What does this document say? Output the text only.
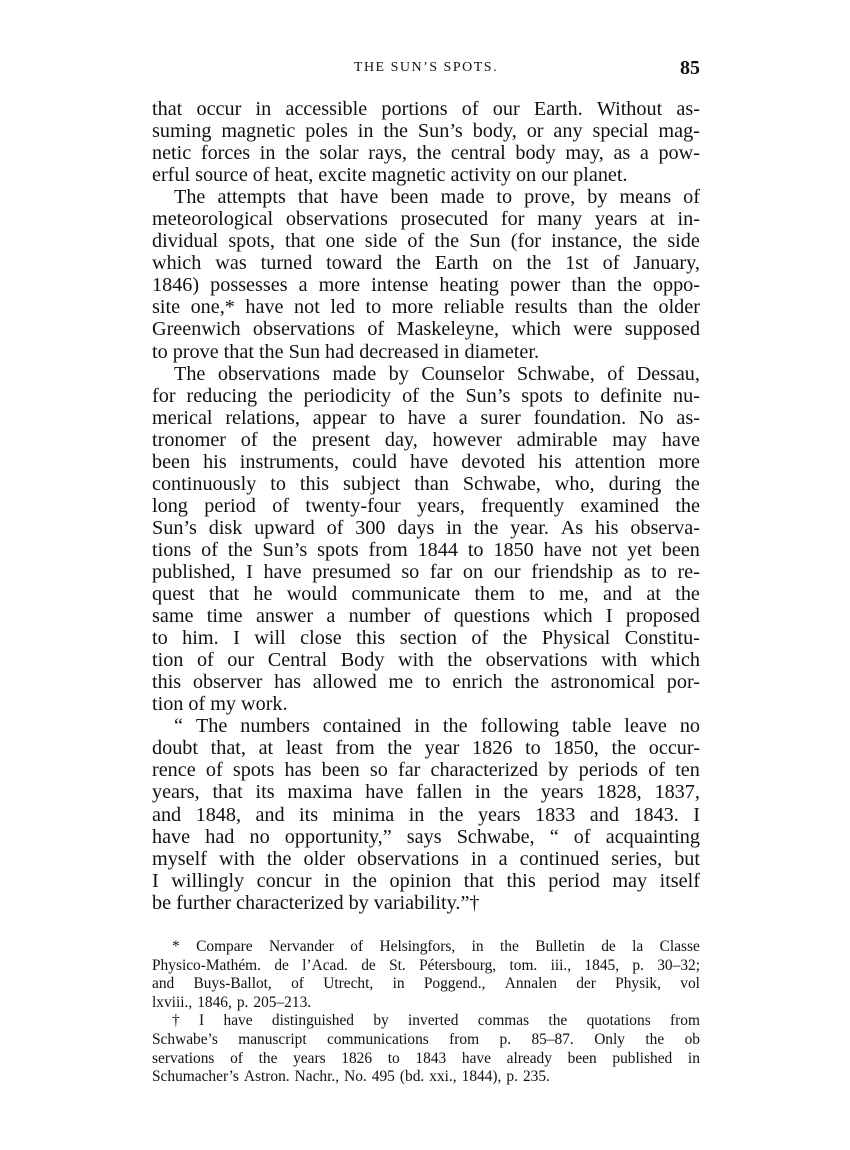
THE SUN’S SPOTS.	85
that occur in accessible portions of our Earth. Without as-
suming magnetic poles in the Sun’s body, or any special mag-
netic forces in the solar rays, the central body may, as a pow-
erful source of heat, excite magnetic activity on our planet.
The attempts that have been made to prove, by means of
meteorological observations prosecuted for many years at in-
dividual spots, that one side of the Sun (for instance, the side
which was turned toward the Earth on the 1st of January,
1846) possesses a more intense heating power than the oppo-
site one,* have not led to more reliable results than the older
Greenwich observations of Maskeleyne, which were supposed
to prove that the Sun had decreased in diameter.
The observations made by Counselor Schwabe, of Dessau,
for reducing the periodicity of the Sun’s spots to definite nu-
merical relations, appear to have a surer foundation. No as-
tronomer of the present day, however admirable may have
been his instruments, could have devoted his attention more
continuously to this subject than Schwabe, who, during the
long period of twenty-four years, frequently examined the
Sun’s disk upward of 300 days in the year. As his observa-
tions of the Sun’s spots from 1844 to 1850 have not yet been
published, I have presumed so far on our friendship as to re-
quest that he would communicate them to me, and at the
same time answer a number of questions which I proposed
to him. I will close this section of the Physical Constitu-
tion of our Central Body with the observations with which
this observer has allowed me to enrich the astronomical por-
tion of my work.
“ The numbers contained in the following table leave no
doubt that, at least from the year 1826 to 1850, the occur-
rence of spots has been so far characterized by periods of ten
years, that its maxima have fallen in the years 1828, 1837,
and 1848, and its minima in the years 1833 and 1843. I
have had no opportunity,” says Schwabe, “ of acquainting
myself with the older observations in a continued series, but
I willingly concur in the opinion that this period may itself
be further characterized by variability.”†
* Compare Nervander of Helsingfors, in the Bulletin de la Classe
Physico-Mathém. de l’Acad. de St. Pétersbourg, tom. iii., 1845, p. 30–32;
and Buys-Ballot, of Utrecht, in Poggend., Annalen der Physik, vol
lxviii., 1846, p. 205–213.
† I have distinguished by inverted commas the quotations from
Schwabe’s manuscript communications from p. 85–87. Only the ob
servations of the years 1826 to 1843 have already been published in
Schumacher’s Astron. Nachr., No. 495 (bd. xxi., 1844), p. 235.
